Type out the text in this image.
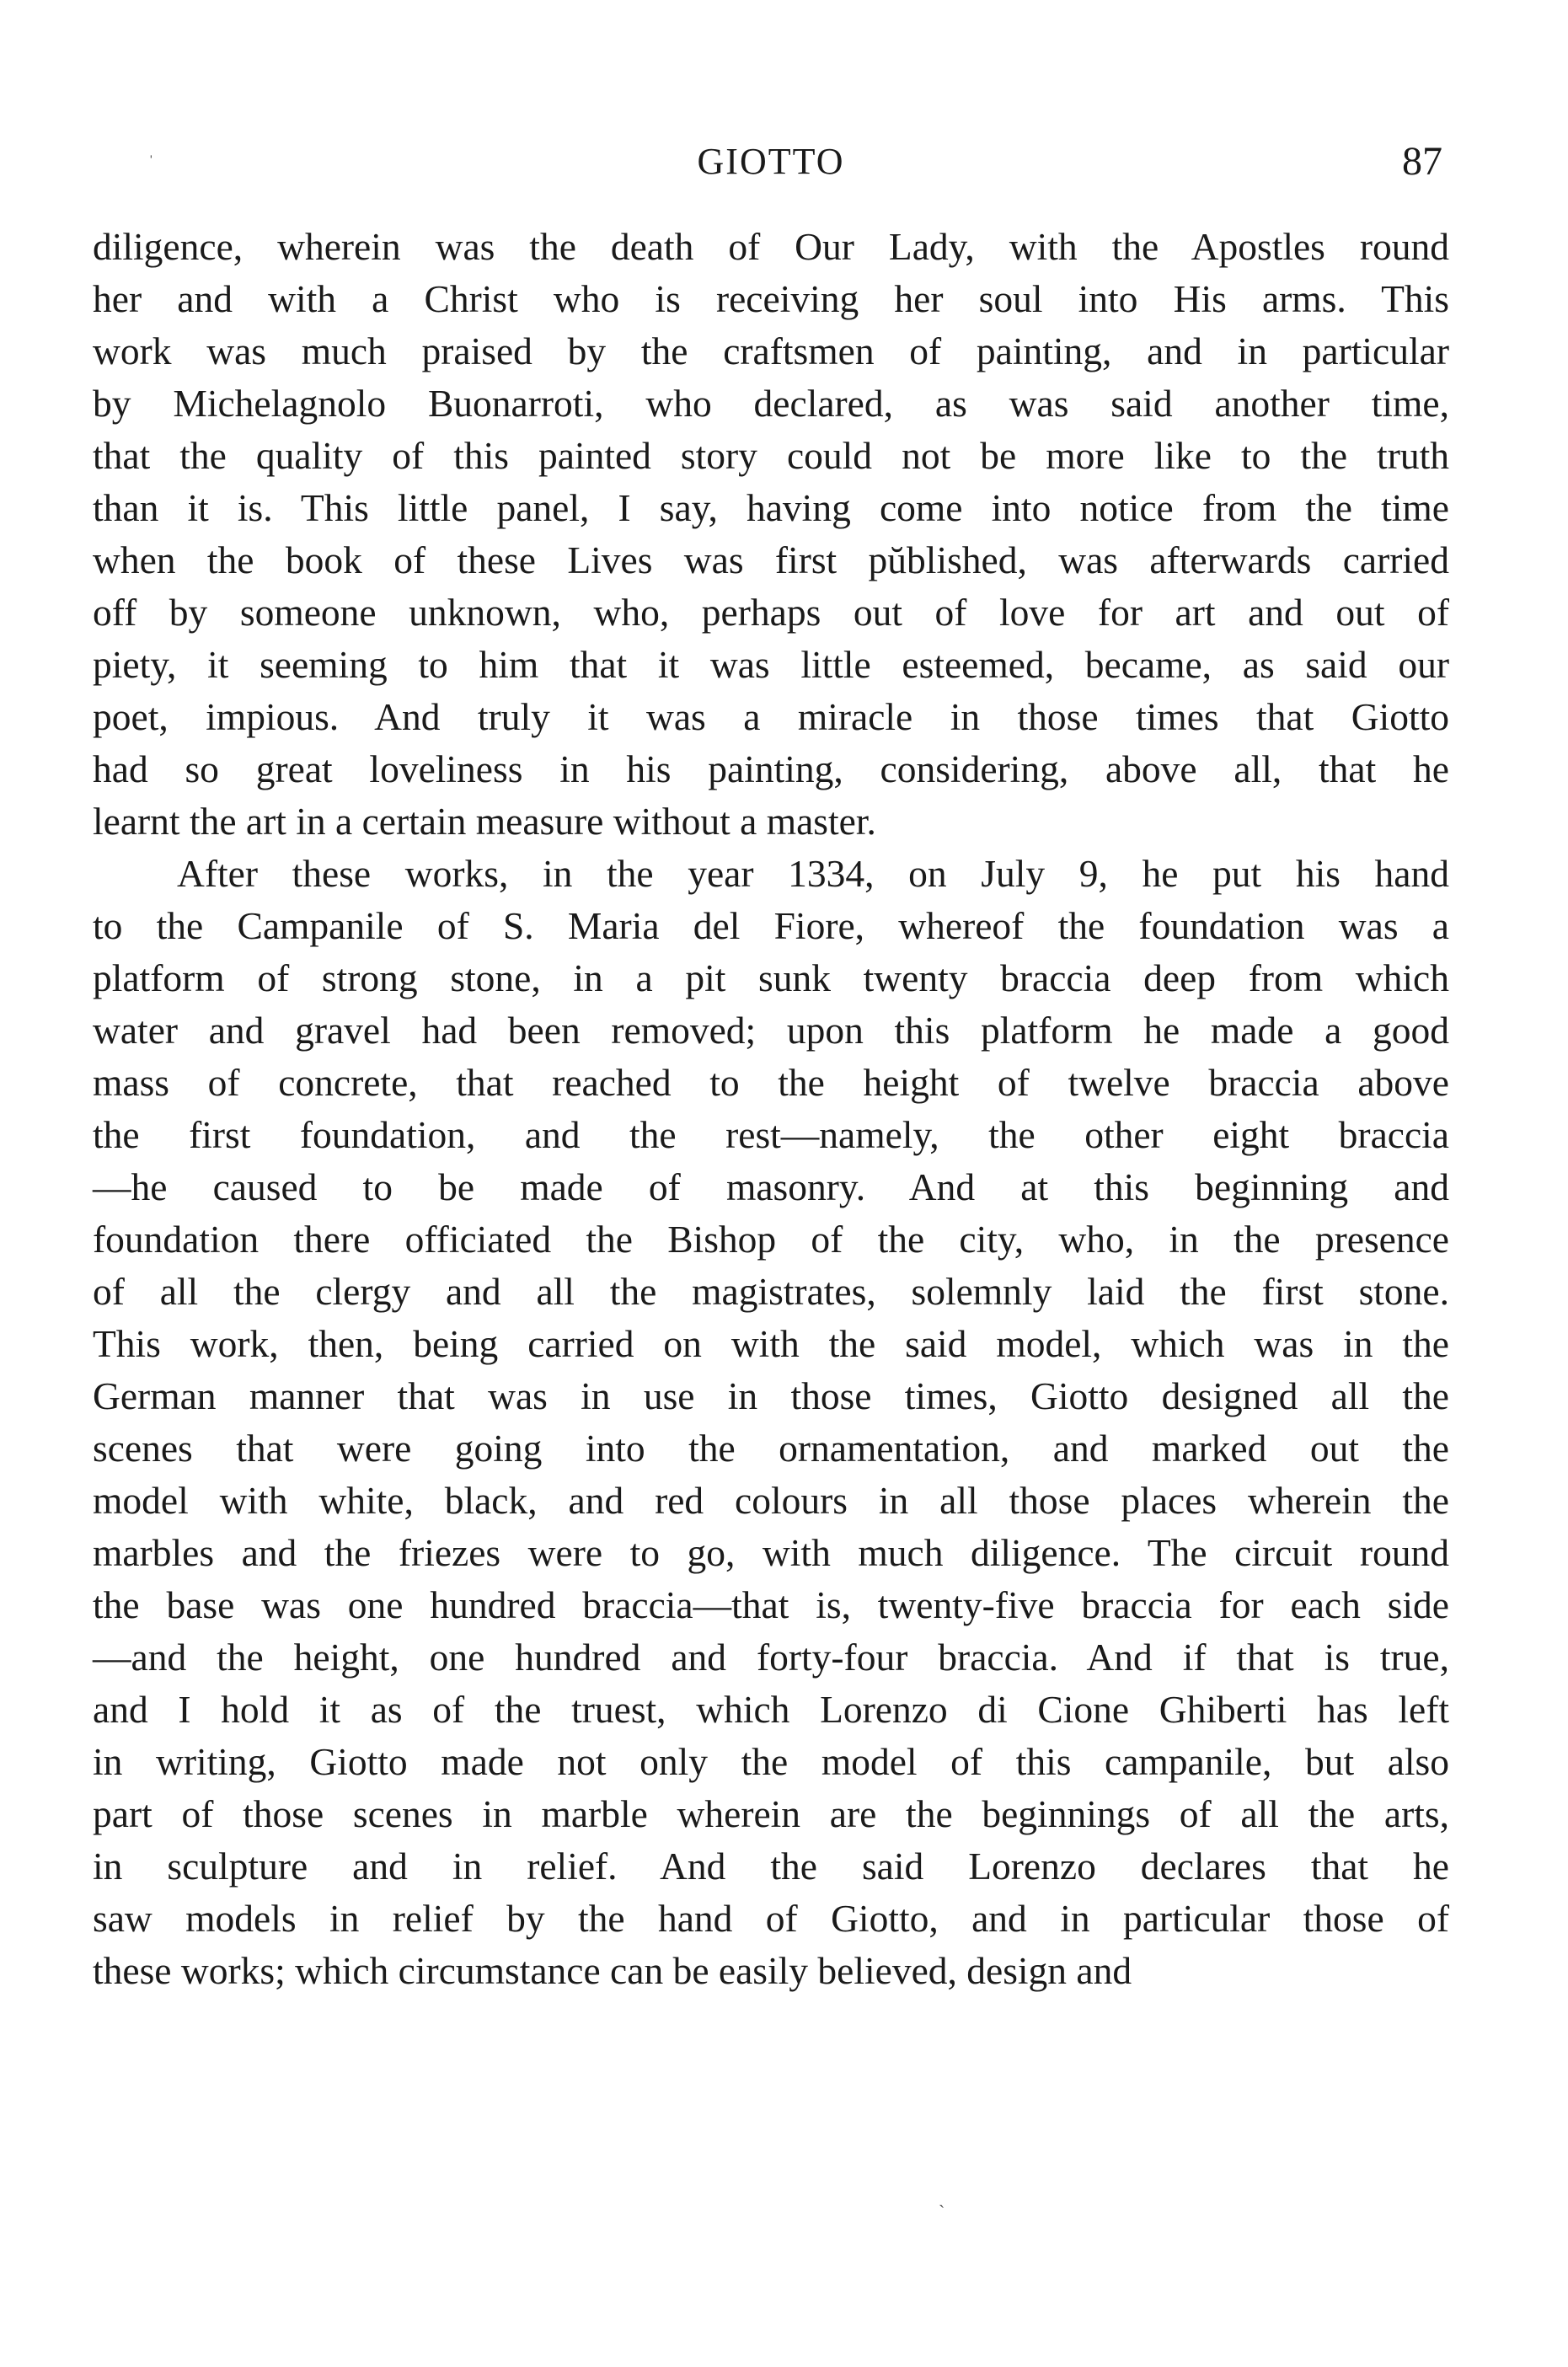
ˌ	GIOTTO	87
diligence, wherein was the death of Our Lady, with the Apostles round
her and with a Christ who is receiving her soul into His arms. This
work was much praised by the craftsmen of painting, and in particular
by Michelagnolo Buonarroti, who declared, as was said another time,
that the quality of this painted story could not be more like to the truth
than it is. This little panel, I say, having come into notice from the time
when the book of these Lives was first pŭblished, was afterwards carried
off by someone unknown, who, perhaps out of love for art and out of
piety, it seeming to him that it was little esteemed, became, as said our
poet, impious. And truly it was a miracle in those times that Giotto
had so great loveliness in his painting, considering, above all, that he
learnt the art in a certain measure without a master.
After these works, in the year 1334, on July 9, he put his hand
to the Campanile of S. Maria del Fiore, whereof the foundation was a
platform of strong stone, in a pit sunk twenty braccia deep from which
water and gravel had been removed; upon this platform he made a good
mass of concrete, that reached to the height of twelve braccia above
the first foundation, and the rest—namely, the other eight braccia
—he caused to be made of masonry. And at this beginning and
foundation there officiated the Bishop of the city, who, in the presence
of all the clergy and all the magistrates, solemnly laid the first stone.
This work, then, being carried on with the said model, which was in the
German manner that was in use in those times, Giotto designed all the
scenes that were going into the ornamentation, and marked out the
model with white, black, and red colours in all those places wherein the
marbles and the friezes were to go, with much diligence. The circuit round
the base was one hundred braccia—that is, twenty-five braccia for each side
—and the height, one hundred and forty-four braccia. And if that is true,
and I hold it as of the truest, which Lorenzo di Cione Ghiberti has left
in writing, Giotto made not only the model of this campanile, but also
part of those scenes in marble wherein are the beginnings of all the arts,
in sculpture and in relief. And the said Lorenzo declares that he
saw models in relief by the hand of Giotto, and in particular those of
these works; which circumstance can be easily believed, design and
ˎ
